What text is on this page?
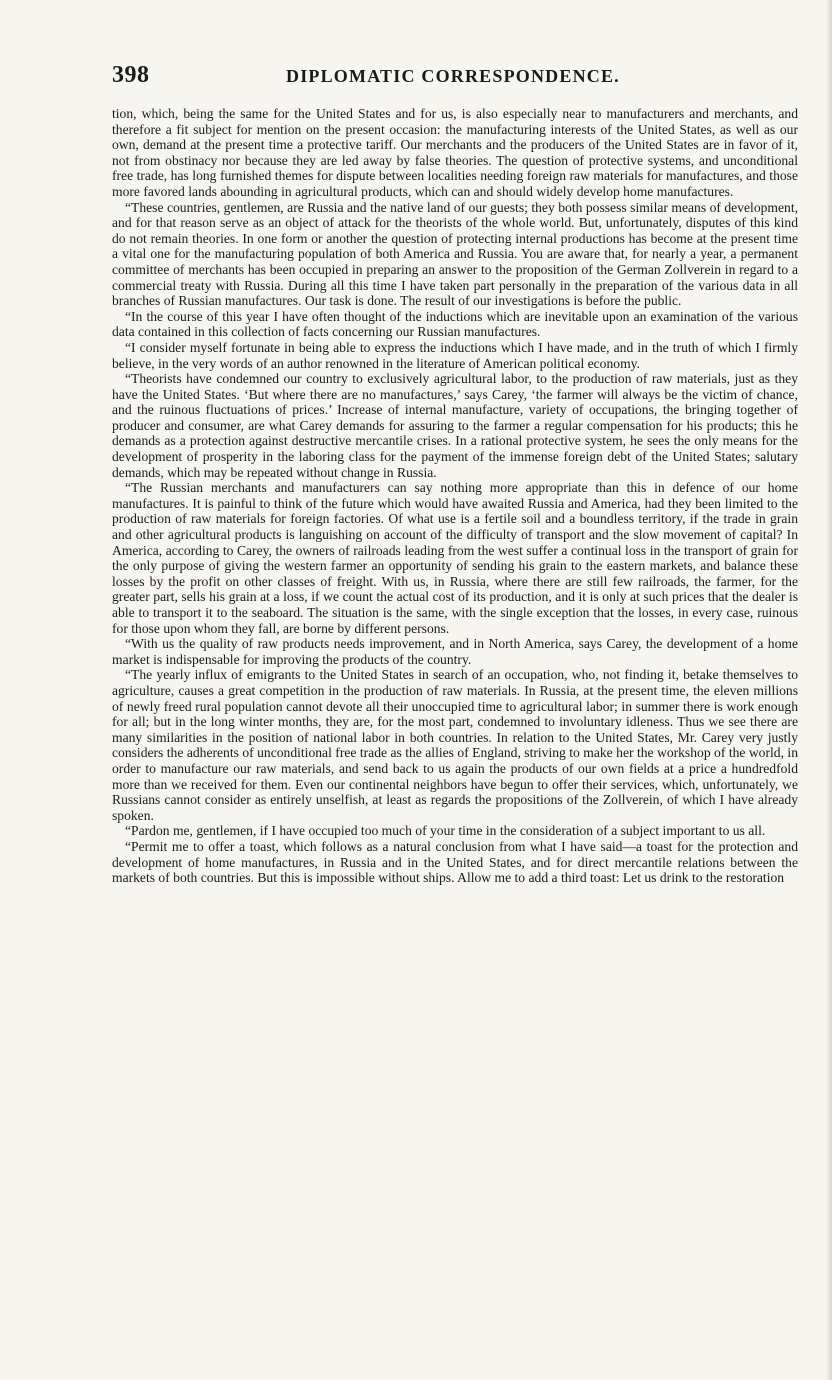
398	DIPLOMATIC CORRESPONDENCE.

tion, which, being the same for the United States and for us, is also especially near to manufacturers and merchants, and therefore a fit subject for mention on the present occasion: the manufacturing interests of the United States, as well as our own, demand at the present time a protective tariff. Our merchants and the producers of the United States are in favor of it, not from obstinacy nor because they are led away by false theories. The question of protective systems, and unconditional free trade, has long furnished themes for dispute between localities needing foreign raw materials for manufactures, and those more favored lands abounding in agricultural products, which can and should widely develop home manufactures.

“These countries, gentlemen, are Russia and the native land of our guests; they both possess similar means of development, and for that reason serve as an object of attack for the theorists of the whole world. But, unfortunately, disputes of this kind do not remain theories. In one form or another the question of protecting internal productions has become at the present time a vital one for the manufacturing population of both America and Russia. You are aware that, for nearly a year, a permanent committee of merchants has been occupied in preparing an answer to the proposition of the German Zollverein in regard to a commercial treaty with Russia. During all this time I have taken part personally in the preparation of the various data in all branches of Russian manufactures. Our task is done. The result of our investigations is before the public.

“In the course of this year I have often thought of the inductions which are inevitable upon an examination of the various data contained in this collection of facts concerning our Russian manufactures.

“I consider myself fortunate in being able to express the inductions which I have made, and in the truth of which I firmly believe, in the very words of an author renowned in the literature of American political economy.

“Theorists have condemned our country to exclusively agricultural labor, to the production of raw materials, just as they have the United States. ‘But where there are no manufactures,’ says Carey, ‘the farmer will always be the victim of chance, and the ruinous fluctuations of prices.’ Increase of internal manufacture, variety of occupations, the bringing together of producer and consumer, are what Carey demands for assuring to the farmer a regular compensation for his products; this he demands as a protection against destructive mercantile crises. In a rational protective system, he sees the only means for the development of prosperity in the laboring class for the payment of the immense foreign debt of the United States; salutary demands, which may be repeated without change in Russia.

“The Russian merchants and manufacturers can say nothing more appropriate than this in defence of our home manufactures. It is painful to think of the future which would have awaited Russia and America, had they been limited to the production of raw materials for foreign factories. Of what use is a fertile soil and a boundless territory, if the trade in grain and other agricultural products is languishing on account of the difficulty of transport and the slow movement of capital? In America, according to Carey, the owners of railroads leading from the west suffer a continual loss in the transport of grain for the only purpose of giving the western farmer an opportunity of sending his grain to the eastern markets, and balance these losses by the profit on other classes of freight. With us, in Russia, where there are still few railroads, the farmer, for the greater part, sells his grain at a loss, if we count the actual cost of its production, and it is only at such prices that the dealer is able to transport it to the seaboard. The situation is the same, with the single exception that the losses, in every case, ruinous for those upon whom they fall, are borne by different persons.

“With us the quality of raw products needs improvement, and in North America, says Carey, the development of a home market is indispensable for improving the products of the country.

“The yearly influx of emigrants to the United States in search of an occupation, who, not finding it, betake themselves to agriculture, causes a great competition in the production of raw materials. In Russia, at the present time, the eleven millions of newly freed rural population cannot devote all their unoccupied time to agricultural labor; in summer there is work enough for all; but in the long winter months, they are, for the most part, condemned to involuntary idleness. Thus we see there are many similarities in the position of national labor in both countries. In relation to the United States, Mr. Carey very justly considers the adherents of unconditional free trade as the allies of England, striving to make her the workshop of the world, in order to manufacture our raw materials, and send back to us again the products of our own fields at a price a hundredfold more than we received for them. Even our continental neighbors have begun to offer their services, which, unfortunately, we Russians cannot consider as entirely unselfish, at least as regards the propositions of the Zollverein, of which I have already spoken.

“Pardon me, gentlemen, if I have occupied too much of your time in the consideration of a subject important to us all.

“Permit me to offer a toast, which follows as a natural conclusion from what I have said—a toast for the protection and development of home manufactures, in Russia and in the United States, and for direct mercantile relations between the markets of both countries. But this is impossible without ships. Allow me to add a third toast: Let us drink to the restoration
